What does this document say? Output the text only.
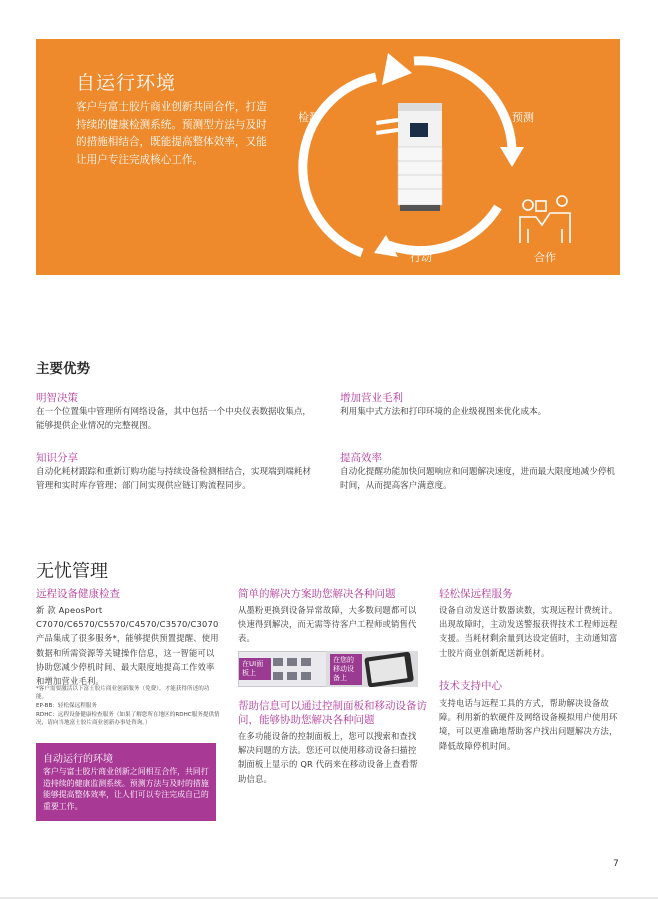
自运行环境
客户与富士胶片商业创新共同合作，打造持续的健康检测系统。预测型方法与及时的措施相结合，既能提高整体效率，又能让用户专注完成核心工作。
检测	预测
行动	合作
主要优势
明智决策
在一个位置集中管理所有网络设备，其中包括一个中央仪表数据收集点，能够提供企业情况的完整视图。
增加营业毛利
利用集中式方法和打印环境的企业级视图来优化成本。
知识分享
自动化耗材跟踪和重新订购功能与持续设备检测相结合，实现端到端耗材管理和实时库存管理；部门间实现供应链订购流程同步。
提高效率
自动化提醒功能加快问题响应和问题解决速度，进而最大限度地减少停机时间，从而提高客户满意度。
无忧管理
远程设备健康检查
新 款 ApeosPort C7070/C6570/C5570/C4570/C3570/C3070产品集成了很多服务*，能够提供预置提醒、使用数据和所需资源等关键操作信息，这一智能可以协助您减少停机时间、最大限度地提高工作效率和增加营业毛利。
*客户需要激活以下富士胶片商业创新服务（免费），才能获得所述的功能。
EP-BB：轻松保远程服务
RDHC：远程设备健康检查服务（如果了解您所在地区的RDHC服务提供情况，请向当地富士胶片商业创新办事处咨询。）
自动运行的环境
客户与富士胶片商业创新之间相互合作，共同打造持续的健康监测系统。预测方法与及时的措施能够提高整体效率，让人们可以专注完成自己的重要工作。
简单的解决方案助您解决各种问题
从墨粉更换到设备异常故障，大多数问题都可以快速得到解决，而无需等待客户工程师或销售代表。
在UI面板上
在您的移动设备上
帮助信息可以通过控制面板和移动设备访问，能够协助您解决各种问题
在多功能设备的控制面板上，您可以搜索和查找解决问题的方法。您还可以使用移动设备扫描控制面板上显示的 QR 代码来在移动设备上查看帮助信息。
轻松保远程服务
设备自动发送计数器读数，实现远程计费统计。出现故障时，主动发送警报获得技术工程师远程支援。当耗材剩余量到达设定值时，主动通知富士胶片商业创新配送新耗材。
技术支持中心
支持电话与远程工具的方式，帮助解决设备故障。利用新的软硬件及网络设备模拟用户使用环境，可以更准确地帮助客户找出问题解决方法，降低故障停机时间。
7
